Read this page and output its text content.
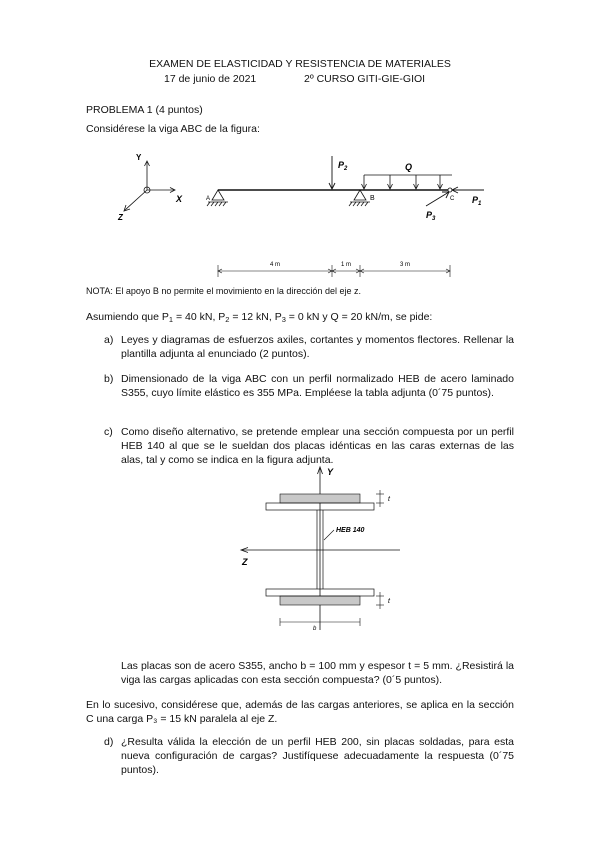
EXAMEN DE ELASTICIDAD Y RESISTENCIA DE MATERIALES
17 de junio de 2021	2º CURSO GITI-GIE-GIOI
PROBLEMA 1 (4 puntos)
Considérese la viga ABC de la figura:
Y
X
Z
A	B
$P_2$	Q
C $P_1$
$P_3$
4 m	1 m	3 m
NOTA: El apoyo B no permite el movimiento en la dirección del eje z.
Asumiendo que $P_1 = 40$ kN, $P_2 = 12$ kN, $P_3 = 0$ kN y Q = 20 kN/m, se pide:
a) Leyes y diagramas de esfuerzos axiles, cortantes y momentos flectores. Rellenar la plantilla adjunta al enunciado (2 puntos).
b) Dimensionado de la viga ABC con un perfil normalizado HEB de acero laminado S355, cuyo límite elástico es 355 MPa. Empléese la tabla adjunta (0´75 puntos).
c) Como diseño alternativo, se pretende emplear una sección compuesta por un perfil HEB 140 al que se le sueldan dos placas idénticas en las caras externas de las alas, tal y como se indica en la figura adjunta.
Y
Z
HEB 140
t
t
b
Las placas son de acero S355, ancho b = 100 mm y espesor t = 5 mm. ¿Resistirá la viga las cargas aplicadas con esta sección compuesta? (0´5 puntos).
En lo sucesivo, considérese que, además de las cargas anteriores, se aplica en la sección C una carga P₃ = 15 kN paralela al eje Z.
d) ¿Resulta válida la elección de un perfil HEB 200, sin placas soldadas, para esta nueva configuración de cargas? Justifíquese adecuadamente la respuesta (0´75 puntos).
